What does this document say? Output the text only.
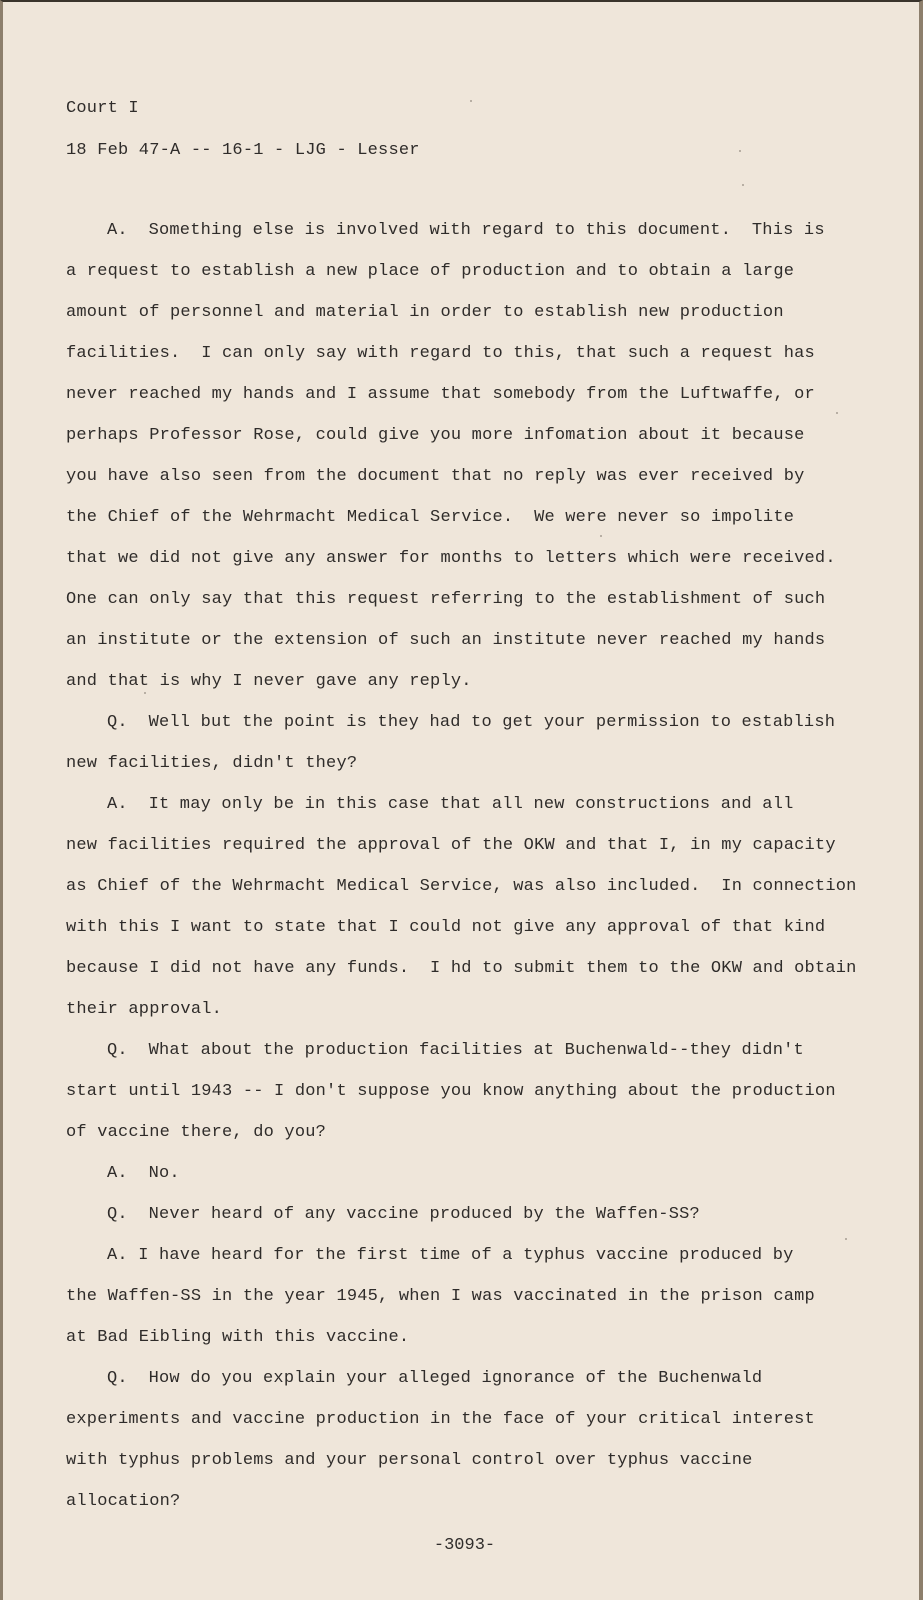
Court I
18 Feb 47-A -- 16-1 - LJG - Lesser
A.  Something else is involved with regard to this document.  This is
a request to establish a new place of production and to obtain a large
amount of personnel and material in order to establish new production
facilities.  I can only say with regard to this, that such a request has
never reached my hands and I assume that somebody from the Luftwaffe, or
perhaps Professor Rose, could give you more infomation about it because
you have also seen from the document that no reply was ever received by
the Chief of the Wehrmacht Medical Service.  We were never so impolite
that we did not give any answer for months to letters which were received.
One can only say that this request referring to the establishment of such
an institute or the extension of such an institute never reached my hands
and that is why I never gave any reply.
Q.  Well but the point is they had to get your permission to establish
new facilities, didn't they?
A.  It may only be in this case that all new constructions and all
new facilities required the approval of the OKW and that I, in my capacity
as Chief of the Wehrmacht Medical Service, was also included.  In connection
with this I want to state that I could not give any approval of that kind
because I did not have any funds.  I hd to submit them to the OKW and obtain
their approval.
Q.  What about the production facilities at Buchenwald--they didn't
start until 1943 -- I don't suppose you know anything about the production
of vaccine there, do you?
A.  No.
Q.  Never heard of any vaccine produced by the Waffen-SS?
A. I have heard for the first time of a typhus vaccine produced by
the Waffen-SS in the year 1945, when I was vaccinated in the prison camp
at Bad Eibling with this vaccine.
Q.  How do you explain your alleged ignorance of the Buchenwald
experiments and vaccine production in the face of your critical interest
with typhus problems and your personal control over typhus vaccine
allocation?
-3093-
